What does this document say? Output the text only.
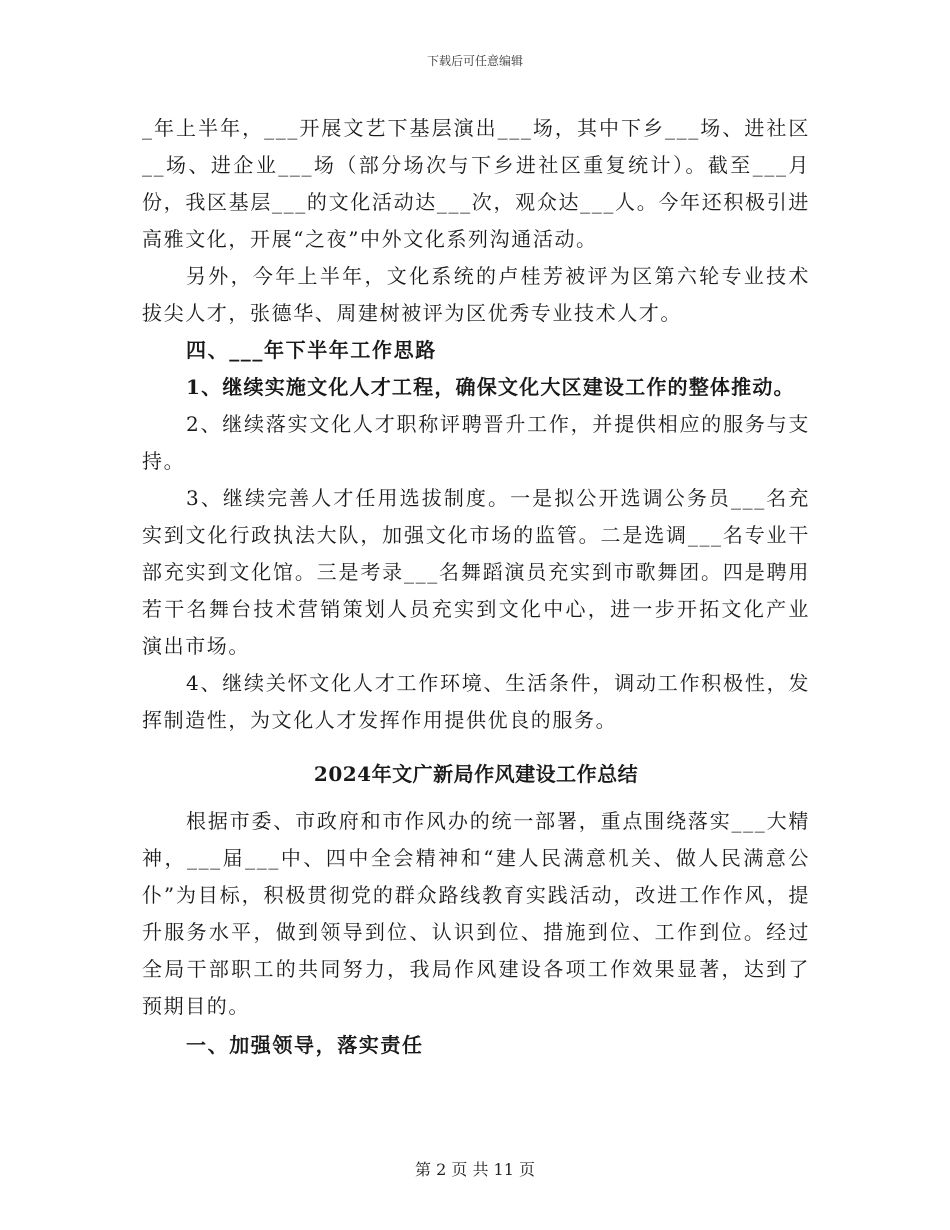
下载后可任意编辑

_年上半年，___开展文艺下基层演出___场，其中下乡___场、进社区__场、进企业___场（部分场次与下乡进社区重复统计）。截至___月份，我区基层___的文化活动达___次，观众达___人。今年还积极引进高雅文化，开展“之夜”中外文化系列沟通活动。

另外，今年上半年，文化系统的卢桂芳被评为区第六轮专业技术拔尖人才，张德华、周建树被评为区优秀专业技术人才。

四、___年下半年工作思路

1、继续实施文化人才工程，确保文化大区建设工作的整体推动。

2、继续落实文化人才职称评聘晋升工作，并提供相应的服务与支持。

3、继续完善人才任用选拔制度。一是拟公开选调公务员___名充实到文化行政执法大队，加强文化市场的监管。二是选调___名专业干部充实到文化馆。三是考录___名舞蹈演员充实到市歌舞团。四是聘用若干名舞台技术营销策划人员充实到文化中心，进一步开拓文化产业演出市场。

4、继续关怀文化人才工作环境、生活条件，调动工作积极性，发挥制造性，为文化人才发挥作用提供优良的服务。

2024年文广新局作风建设工作总结

根据市委、市政府和市作风办的统一部署，重点围绕落实___大精神，___届___中、四中全会精神和“建人民满意机关、做人民满意公仆”为目标，积极贯彻党的群众路线教育实践活动，改进工作作风，提升服务水平，做到领导到位、认识到位、措施到位、工作到位。经过全局干部职工的共同努力，我局作风建设各项工作效果显著，达到了预期目的。

一、加强领导，落实责任

第 2 页 共 11 页
